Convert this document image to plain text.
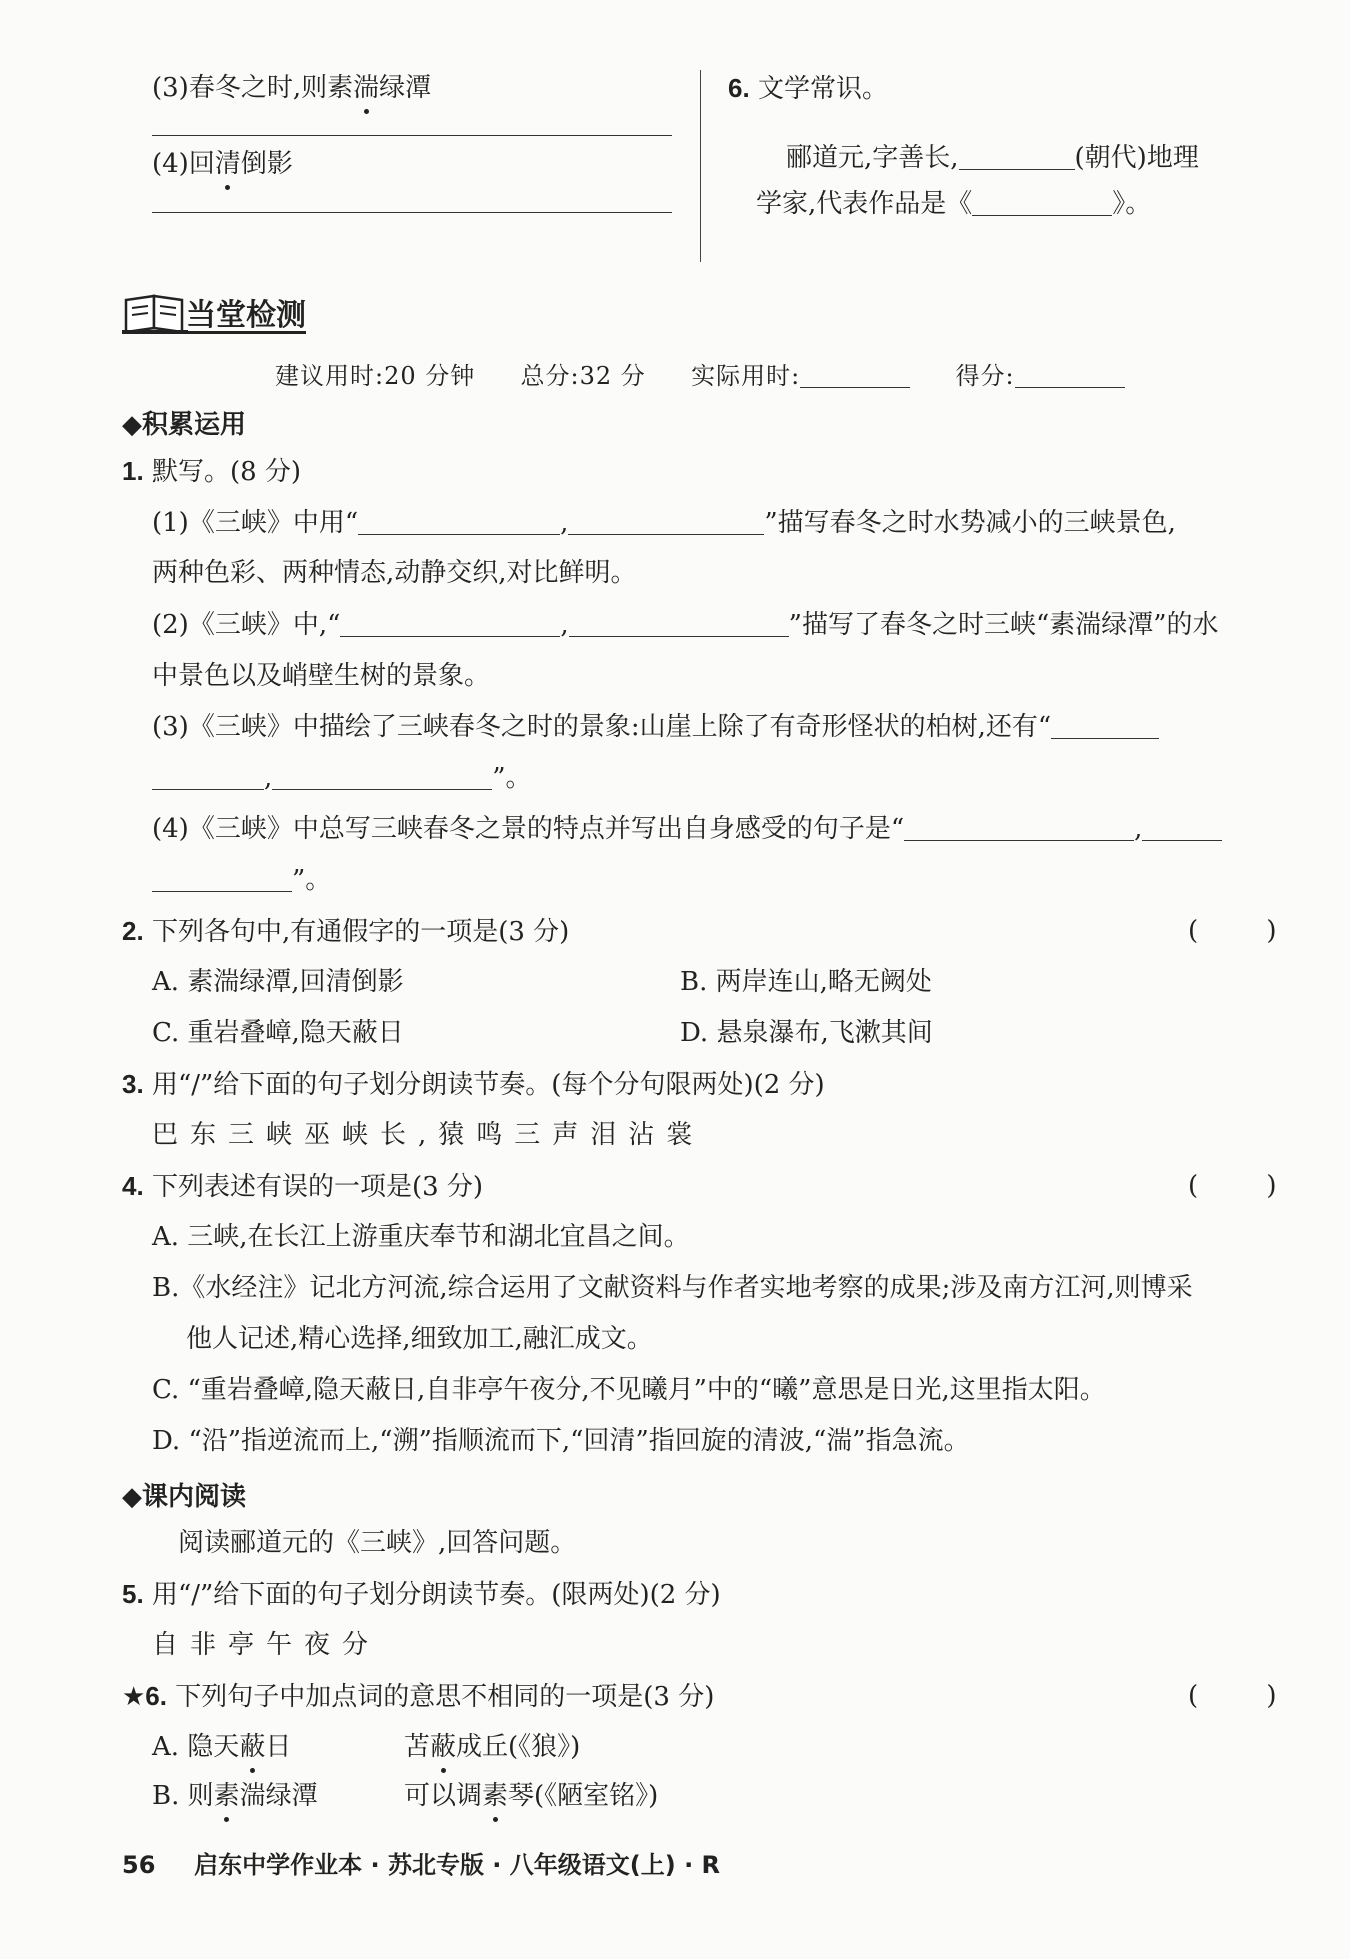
(3)春冬之时,则素湍绿潭
(4)回清倒影
6. 文学常识。
郦道元,字善长,	(朝代)地理
学家,代表作品是《	》。
当堂检测
建议用时:20 分钟 总分:32 分 实际用时:	得分:
◆积累运用
1. 默写。(8 分)
(1)《三峡》中用“	,	”描写春冬之时水势减小的三峡景色,
两种色彩、两种情态,动静交织,对比鲜明。
(2)《三峡》中,“	,	”描写了春冬之时三峡“素湍绿潭”的水
中景色以及峭壁生树的景象。
(3)《三峡》中描绘了三峡春冬之时的景象:山崖上除了有奇形怪状的柏树,还有“
,	”。
(4)《三峡》中总写三峡春冬之景的特点并写出自身感受的句子是“	,
”。
2. 下列各句中,有通假字的一项是(3 分)	( )
A. 素湍绿潭,回清倒影	B. 两岸连山,略无阙处
C. 重岩叠嶂,隐天蔽日	D. 悬泉瀑布,飞漱其间
3. 用“/”给下面的句子划分朗读节奏。(每个分句限两处)(2 分)
巴东三峡巫峡长,猿鸣三声泪沾裳
4. 下列表述有误的一项是(3 分)	( )
A. 三峡,在长江上游重庆奉节和湖北宜昌之间。
B.《水经注》记北方河流,综合运用了文献资料与作者实地考察的成果;涉及南方江河,则博采
他人记述,精心选择,细致加工,融汇成文。
C. “重岩叠嶂,隐天蔽日,自非亭午夜分,不见曦月”中的“曦”意思是日光,这里指太阳。
D. “沿”指逆流而上,“溯”指顺流而下,“回清”指回旋的清波,“湍”指急流。
◆课内阅读
阅读郦道元的《三峡》,回答问题。
5. 用“/”给下面的句子划分朗读节奏。(限两处)(2 分)
自非亭午夜分
★6. 下列句子中加点词的意思不相同的一项是(3 分)	( )
A. 隐天蔽日	苫蔽成丘(《狼》)
B. 则素湍绿潭	可以调素琴(《陋室铭》)
56 启东中学作业本 · 苏北专版 · 八年级语文(上) · R
